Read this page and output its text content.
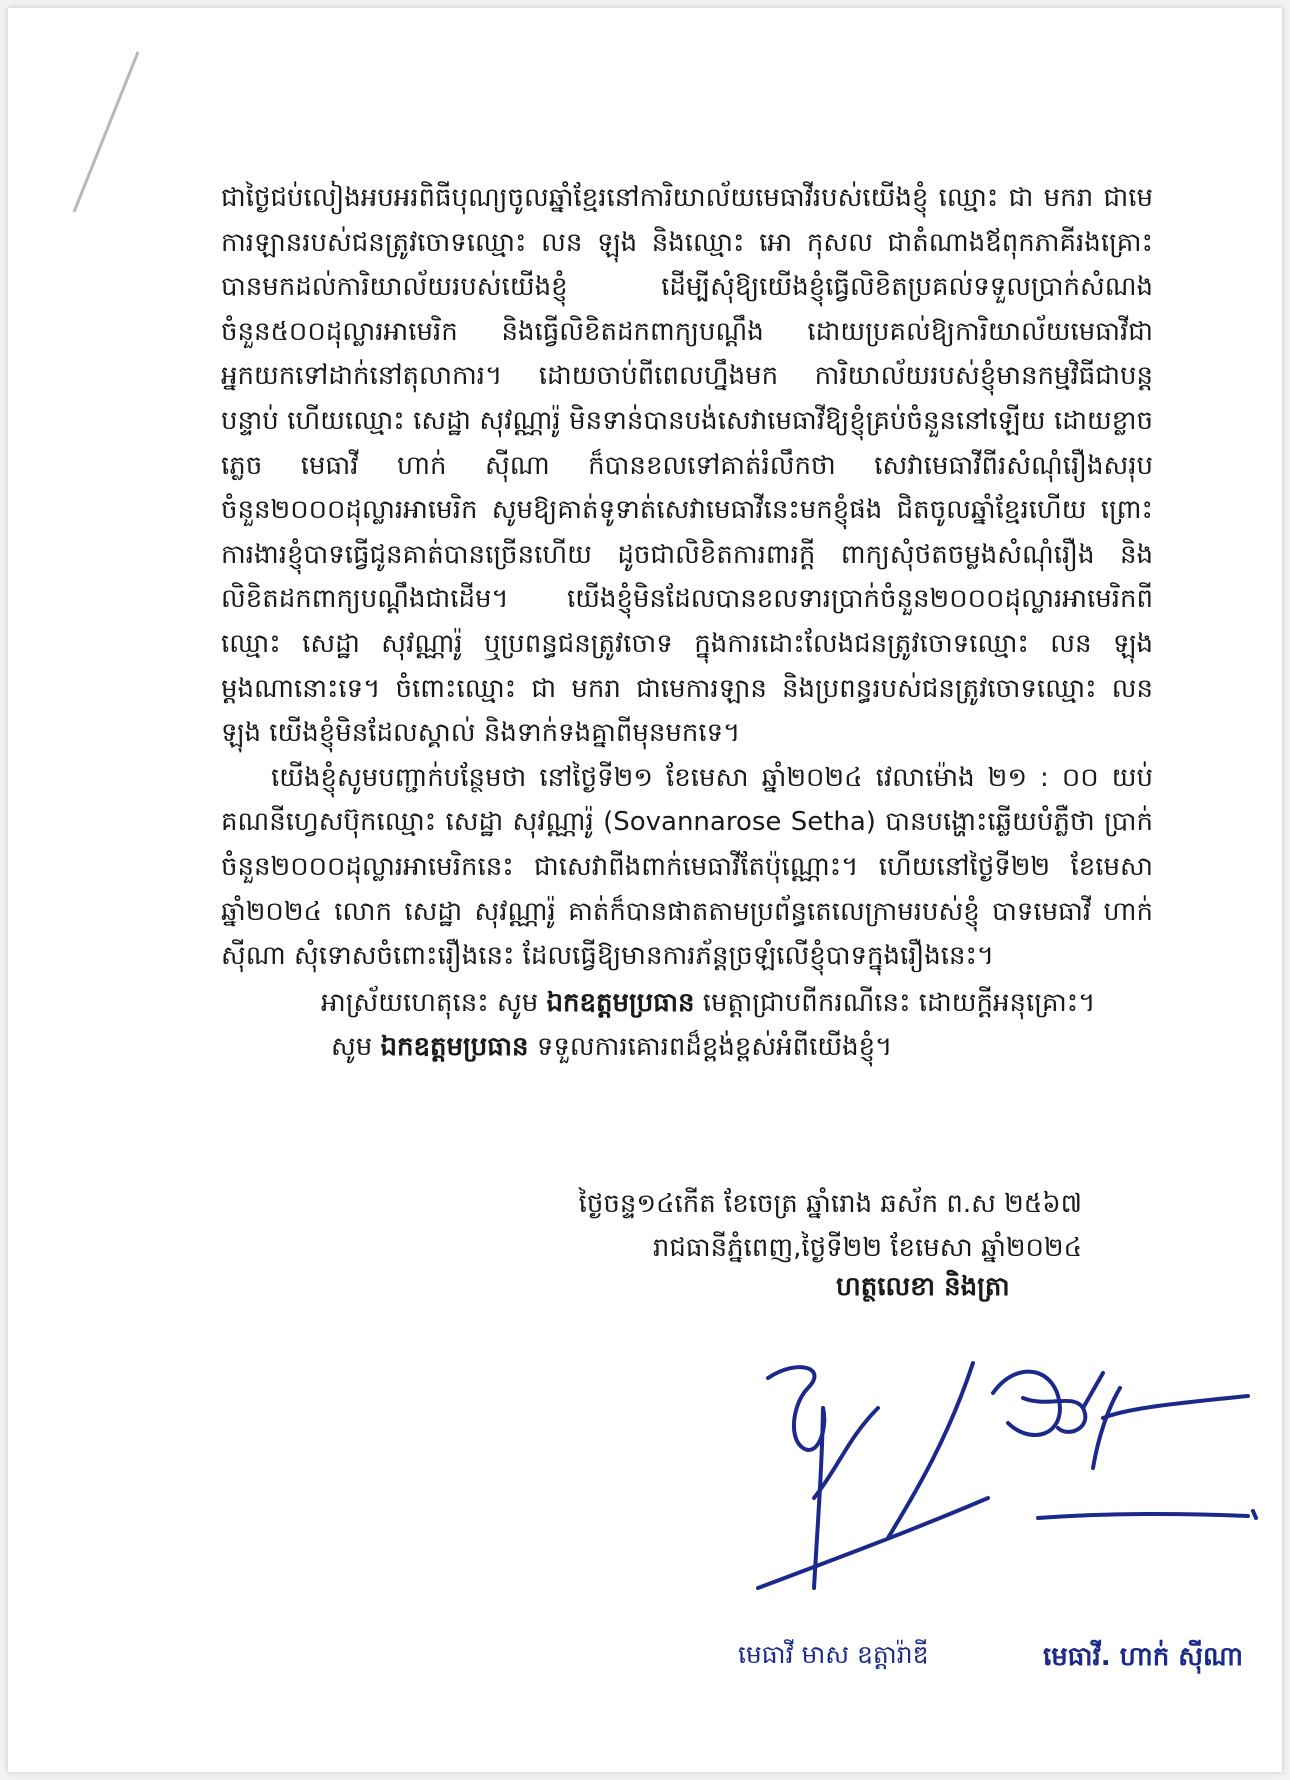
ជាថ្ងៃជប់លៀងអបអរពិធីបុណ្យចូលឆ្នាំខ្មែរនៅការិយាល័យមេធាវីរបស់យើងខ្ញុំ ឈ្មោះ ជា មករា ជាមេការឡានរបស់ជនត្រូវចោទឈ្មោះ លន ឡុង និងឈ្មោះ អោ កុសល ជាតំណាងឪពុកភាគីរងគ្រោះ បានមកដល់ការិយាល័យរបស់យើងខ្ញុំ ដើម្បីសុំឱ្យយើងខ្ញុំធ្វើលិខិតប្រគល់ទទួលប្រាក់សំណងចំនួន៥០០ដុល្លារអាមេរិក និងធ្វើលិខិតដកពាក្យបណ្ដឹង ដោយប្រគល់ឱ្យការិយាល័យមេធាវីជាអ្នកយកទៅដាក់នៅតុលាការ។ ដោយចាប់ពីពេលហ្នឹងមក ការិយាល័យរបស់ខ្ញុំមានកម្មវិធីជាបន្តបន្ទាប់ ហើយឈ្មោះ សេដ្ឋា សុវណ្ណារ៉ូ មិនទាន់បានបង់សេវាមេធាវីឱ្យខ្ញុំគ្រប់ចំនួននៅឡើយ ដោយខ្លាចភ្លេច មេធាវី ហាក់ ស៊ីណា ក៏បានខលទៅគាត់រំលឹកថា សេវាមេធាវីពីរសំណុំរឿងសរុបចំនួន២០០០ដុល្លារអាមេរិក សូមឱ្យគាត់ទូទាត់សេវាមេធាវីនេះមកខ្ញុំផង ជិតចូលឆ្នាំខ្មែរហើយ ព្រោះការងារខ្ញុំបាទធ្វើជូនគាត់បានច្រើនហើយ ដូចជាលិខិតការពារក្ដី ពាក្យសុំថតចម្លងសំណុំរឿង និងលិខិតដកពាក្យបណ្ដឹងជាដើម។ យើងខ្ញុំមិនដែលបានខលទារប្រាក់ចំនួន២០០០ដុល្លារអាមេរិកពីឈ្មោះ សេដ្ឋា សុវណ្ណារ៉ូ ឬប្រពន្ធជនត្រូវចោទ ក្នុងការដោះលែងជនត្រូវចោទឈ្មោះ លន ឡុង ម្ដងណានោះទេ។ ចំពោះឈ្មោះ ជា មករា ជាមេការឡាន និងប្រពន្ធរបស់ជនត្រូវចោទឈ្មោះ លន ឡុង យើងខ្ញុំមិនដែលស្គាល់ និងទាក់ទងគ្នាពីមុនមកទេ។

យើងខ្ញុំសូមបញ្ជាក់បន្ថែមថា នៅថ្ងៃទី២១ ខែមេសា ឆ្នាំ២០២៤ វេលាម៉ោង ២១ : ០០ យប់ គណនីហ្វេសប៊ុកឈ្មោះ សេដ្ឋា សុវណ្ណារ៉ូ (Sovannarose Setha) បានបង្ហោះឆ្លើយបំភ្លឺថា ប្រាក់ចំនួន២០០០ដុល្លារអាមេរិកនេះ ជាសេវាពីងពាក់មេធាវីតែប៉ុណ្ណោះ។ ហើយនៅថ្ងៃទី២២ ខែមេសា ឆ្នាំ២០២៤ លោក សេដ្ឋា សុវណ្ណារ៉ូ គាត់ក៏បានផាតតាមប្រព័ន្ធតេលេក្រាមរបស់ខ្ញុំ បាទមេធាវី ហាក់ ស៊ីណា សុំទោសចំពោះរឿងនេះ ដែលធ្វើឱ្យមានការភ័ន្តច្រឡំលើខ្ញុំបាទក្នុងរឿងនេះ។

អាស្រ័យហេតុនេះ សូម ឯកឧត្តមប្រធាន មេត្តាជ្រាបពីករណីនេះ ដោយក្ដីអនុគ្រោះ។

សូម ឯកឧត្តមប្រធាន ទទួលការគោរពដ៏ខ្ពង់ខ្ពស់អំពីយើងខ្ញុំ។

ថ្ងៃចន្ទ១៤កើត ខែចេត្រ ឆ្នាំរោង ឆស័ក ព.ស ២៥៦៧

រាជធានីភ្នំពេញ,ថ្ងៃទី២២ ខែមេសា ឆ្នាំ២០២៤

ហត្ថលេខា និងត្រា
មេធាវី មាស ឧត្ដារ៉ាឌី	មេធាវី. ហាក់ ស៊ីណា
